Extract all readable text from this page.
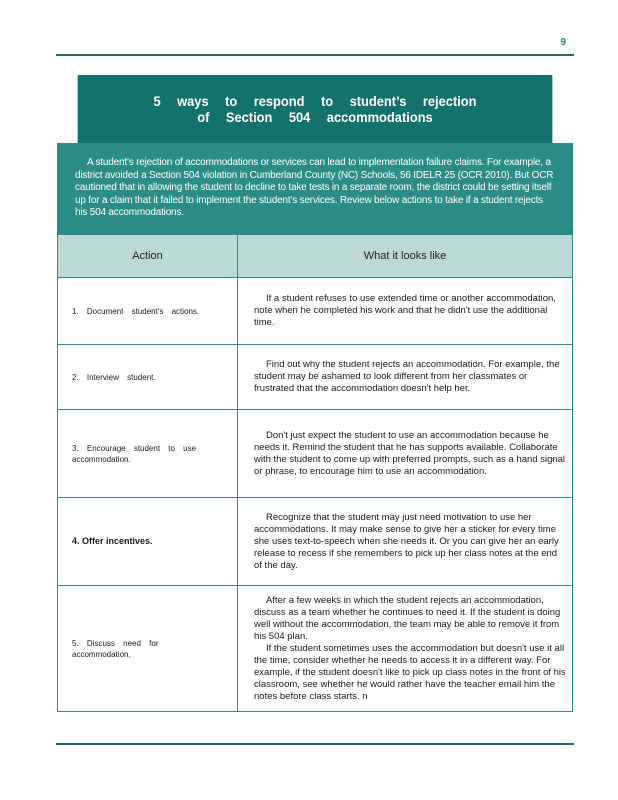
9
5 ways to respond to student’s rejection
of Section 504 accommodations

A student’s rejection of accommodations or services can lead to implementation failure claims. For example, a district avoided a Section 504 violation in Cumberland County (NC) Schools, 56 IDELR 25 (OCR 2010). But OCR cautioned that in allowing the student to decline to take tests in a separate room, the district could be setting itself up for a claim that it failed to implement the student’s services. Review below actions to take if a student rejects his 504 accommodations.

Action	What it looks like
1. Document student's actions.	If a student refuses to use extended time or another accommodation, note when he completed his work and that he didn't use the additional time.

2. Interview student.	Find out why the student rejects an accommodation. For example, the student may be ashamed to look different from her classmates or frustrated that the accommodation doesn't help her.

3. Encourage student to use accommodation.	Don't just expect the student to use an accommodation because he needs it. Remind the student that he has supports available. Collaborate with the student to come up with preferred prompts, such as a hand signal or phrase, to encourage him to use an accommodation.

4. Offer incentives.	Recognize that the student may just need motivation to use her accommodations. It may make sense to give her a sticker for every time she uses text-to-speech when she needs it. Or you can give her an early release to recess if she remembers to pick up her class notes at the end of the day.

5. Discuss need for accommodation.	After a few weeks in which the student rejects an accommodation, discuss as a team whether he continues to need it. If the student is doing well without the accommodation, the team may be able to remove it from his 504 plan.

If the student sometimes uses the accommodation but doesn't use it all the time, consider whether he needs to access it in a different way. For example, if the student doesn't like to pick up class notes in the front of his classroom, see whether he would rather have the teacher email him the notes before class starts. n
